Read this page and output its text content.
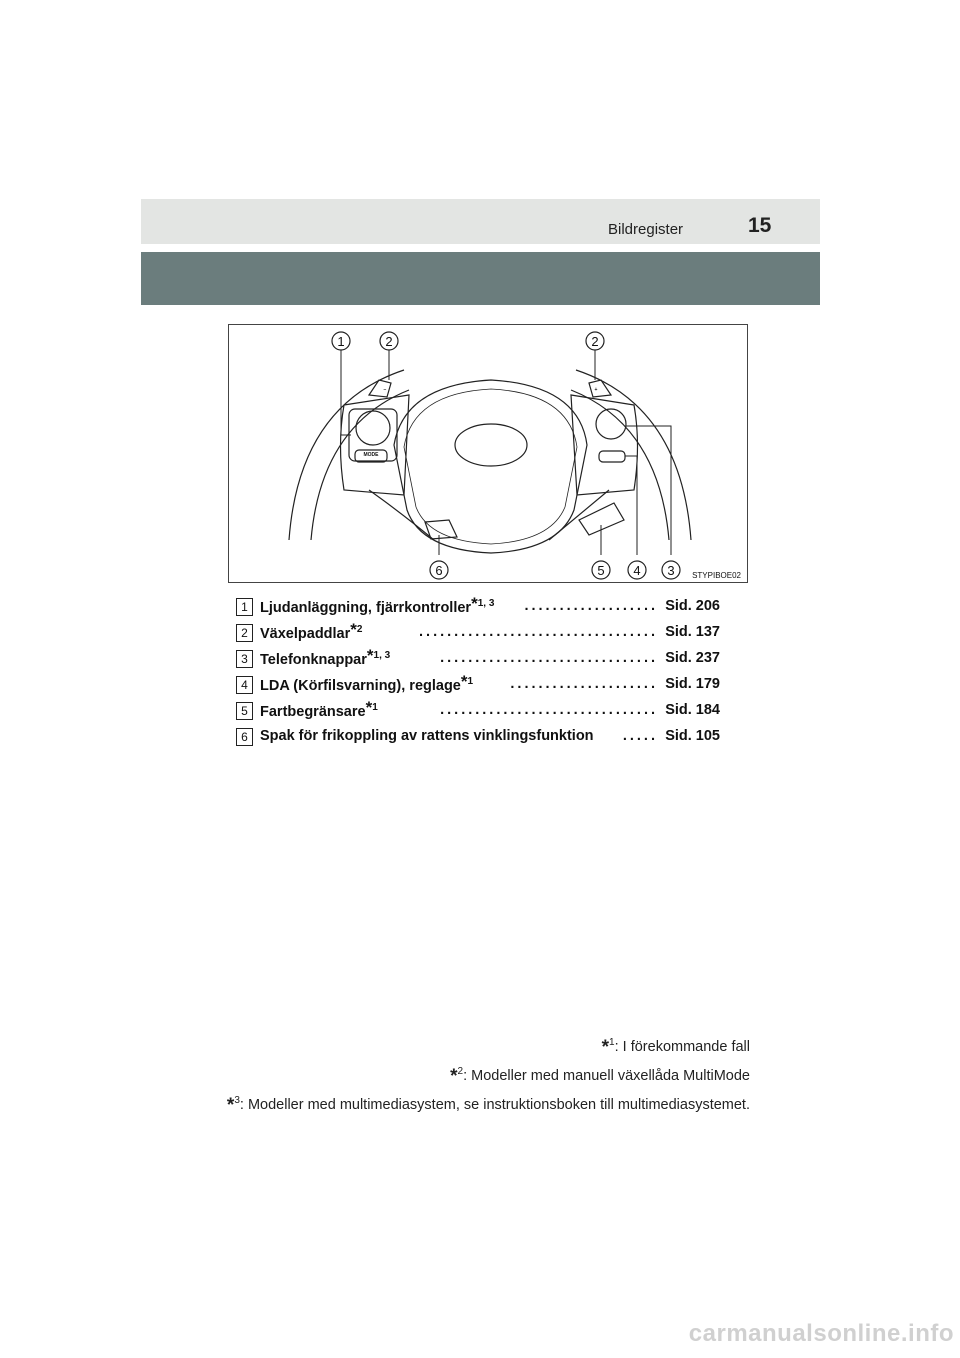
Bildregister	15
MODE
−	+
1	2	2
6	5 4 3 STYPIBOE02
1 Ljudanläggning, fjärrkontroller*$^{1, 3}$	................... Sid. 206
2 Växelpaddlar*$^2$	.................................. Sid. 137
3 Telefonknappar*$^{1, 3}$	............................... Sid. 237
4 LDA (Körfilsvarning), reglage*$^1$	..................... Sid. 179
5 Fartbegränsare*$^1$	............................... Sid. 184
6 Spak för frikoppling av rattens vinklingsfunktion	..... Sid. 105
*$^1$: I förekommande fall
*$^2$: Modeller med manuell växellåda MultiMode
*$^3$: Modeller med multimediasystem, se instruktionsboken till multimediasystemet.
carmanualsonline.info
